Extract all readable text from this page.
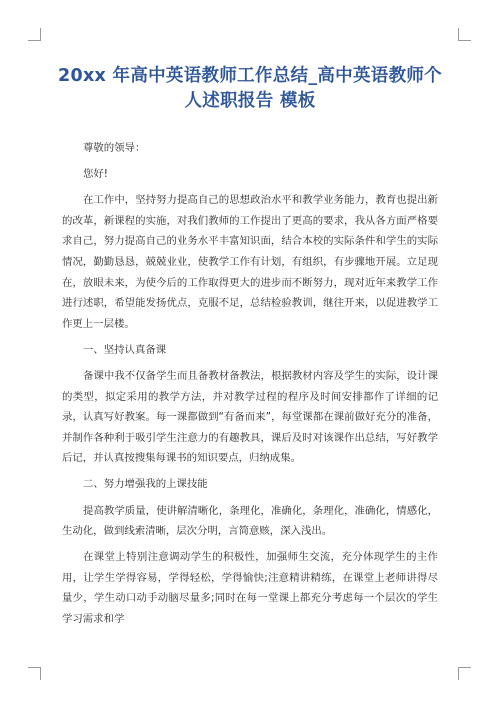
20xx 年高中英语教师工作总结_高中英语教师个
人述职报告 模板

尊敬的领导：

您好!

在工作中，坚持努力提高自己的思想政治水平和教学业务能力，教育也提出新的改革，新课程的实施，对我们教师的工作提出了更高的要求，我从各方面严格要求自己，努力提高自己的业务水平丰富知识面，结合本校的实际条件和学生的实际情况，勤勤恳恳，兢兢业业，使教学工作有计划，有组织，有步骤地开展。立足现在，放眼未来，为使今后的工作取得更大的进步而不断努力，现对近年来教学工作进行述职，希望能发扬优点，克服不足，总结检验教训，继往开来，以促进教学工作更上一层楼。

一、坚持认真备课

备课中我不仅备学生而且备教材备教法，根据教材内容及学生的实际，设计课的类型，拟定采用的教学方法，并对教学过程的程序及时间安排都作了详细的记录，认真写好教案。每一课都做到“有备而来”，每堂课都在课前做好充分的准备，并制作各种利于吸引学生注意力的有趣教具，课后及时对该课作出总结，写好教学后记，并认真按搜集每课书的知识要点，归纳成集。

二、努力增强我的上课技能

提高教学质量，使讲解清晰化，条理化，准确化，条理化，准确化，情感化，生动化，做到线索清晰，层次分明，言简意赅，深入浅出。

在课堂上特别注意调动学生的积极性，加强师生交流，充分体现学生的主作用，让学生学得容易，学得轻松，学得愉快;注意精讲精练，在课堂上老师讲得尽量少，学生动口动手动脑尽量多;同时在每一堂课上都充分考虑每一个层次的学生学习需求和学
